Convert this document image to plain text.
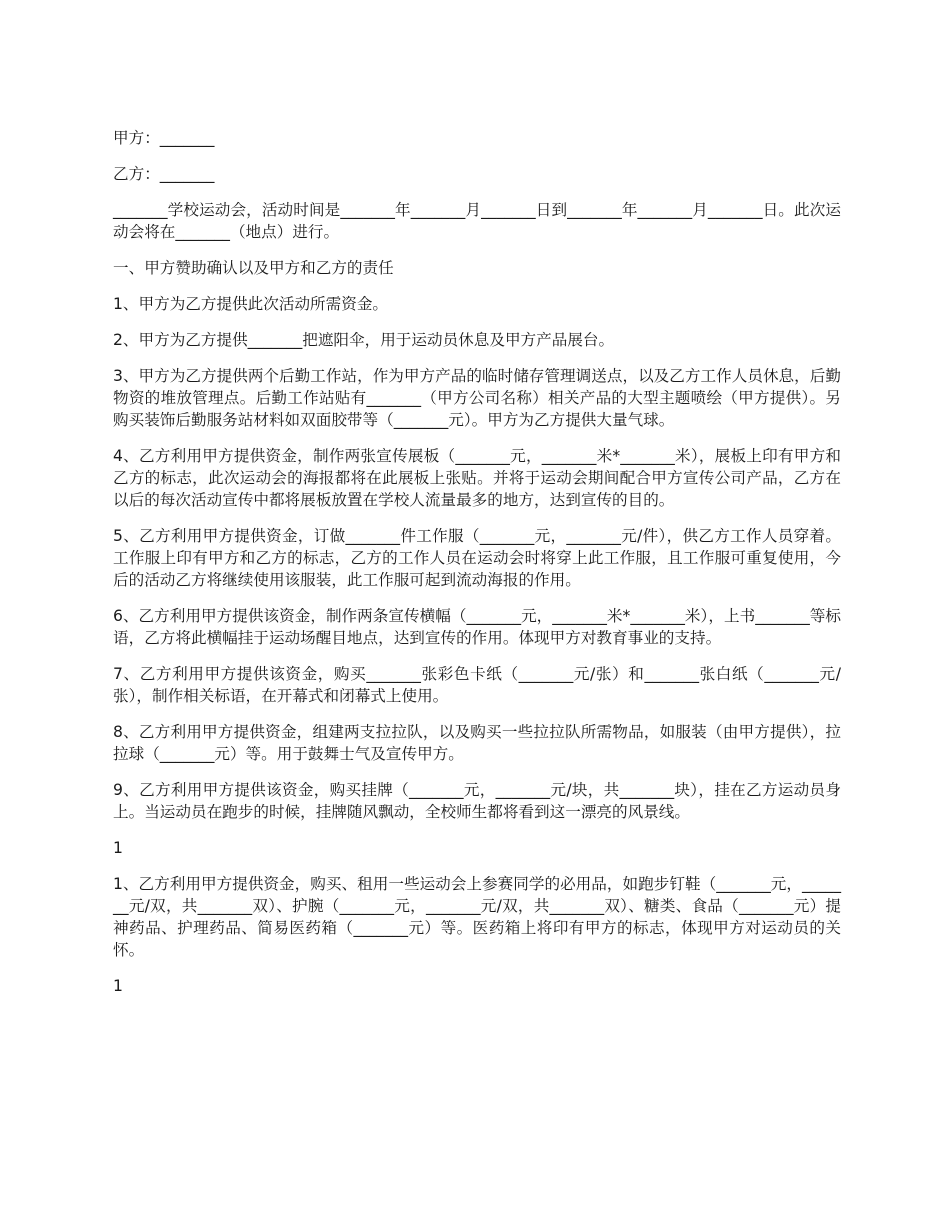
甲方：_______

乙方：_______

_______学校运动会，活动时间是_______年_______月_______日到_______年_______月_______日。此次运动会将在_______（地点）进行。

一、甲方赞助确认以及甲方和乙方的责任

1、甲方为乙方提供此次活动所需资金。

2、甲方为乙方提供_______把遮阳伞，用于运动员休息及甲方产品展台。

3、甲方为乙方提供两个后勤工作站，作为甲方产品的临时储存管理调送点，以及乙方工作人员休息，后勤物资的堆放管理点。后勤工作站贴有_______（甲方公司名称）相关产品的大型主题喷绘（甲方提供）。另购买装饰后勤服务站材料如双面胶带等（_______元）。甲方为乙方提供大量气球。

4、乙方利用甲方提供资金，制作两张宣传展板（_______元，_______米*_______米），展板上印有甲方和乙方的标志，此次运动会的海报都将在此展板上张贴。并将于运动会期间配合甲方宣传公司产品，乙方在以后的每次活动宣传中都将展板放置在学校人流量最多的地方，达到宣传的目的。

5、乙方利用甲方提供资金，订做_______件工作服（_______元，_______元/件），供乙方工作人员穿着。工作服上印有甲方和乙方的标志，乙方的工作人员在运动会时将穿上此工作服，且工作服可重复使用，今后的活动乙方将继续使用该服装，此工作服可起到流动海报的作用。

6、乙方利用甲方提供该资金，制作两条宣传横幅（_______元，_______米*_______米），上书_______等标语，乙方将此横幅挂于运动场醒目地点，达到宣传的作用。体现甲方对教育事业的支持。

7、乙方利用甲方提供该资金，购买_______张彩色卡纸（_______元/张）和_______张白纸（_______元/张），制作相关标语，在开幕式和闭幕式上使用。

8、乙方利用甲方提供资金，组建两支拉拉队，以及购买一些拉拉队所需物品，如服装（由甲方提供），拉拉球（_______元）等。用于鼓舞士气及宣传甲方。

9、乙方利用甲方提供该资金，购买挂牌（_______元，_______元/块，共_______块），挂在乙方运动员身上。当运动员在跑步的时候，挂牌随风飘动，全校师生都将看到这一漂亮的风景线。

1

1、乙方利用甲方提供资金，购买、租用一些运动会上参赛同学的必用品，如跑步钉鞋（_______元，_______元/双，共_______双）、护腕（_______元，_______元/双，共_______双）、糖类、食品（_______元）提神药品、护理药品、简易医药箱（_______元）等。医药箱上将印有甲方的标志，体现甲方对运动员的关怀。

1
